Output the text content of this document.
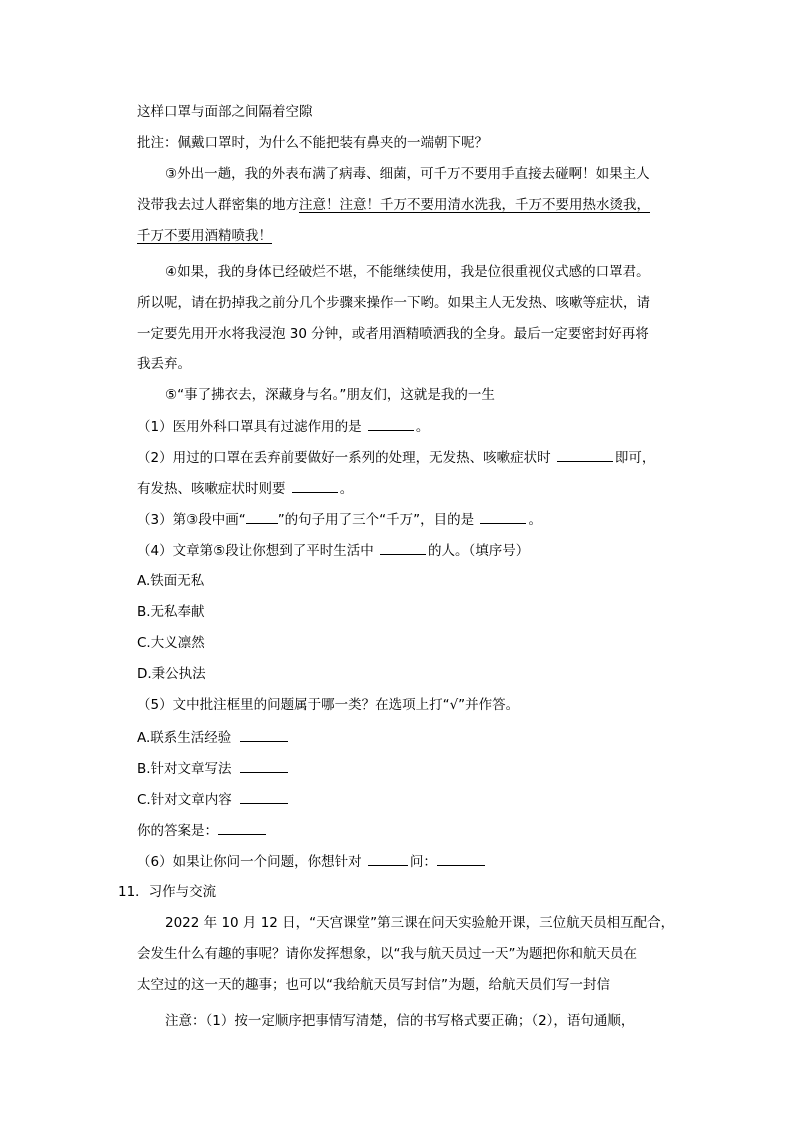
这样口罩与面部之间隔着空隙
批注：佩戴口罩时，为什么不能把装有鼻夹的一端朝下呢？
③外出一趟，我的外表布满了病毒、细菌，可千万不要用手直接去碰啊！如果主人
没带我去过人群密集的地方注意！注意！千万不要用清水洗我，千万不要用热水烫我，
千万不要用酒精喷我！
④如果，我的身体已经破烂不堪，不能继续使用，我是位很重视仪式感的口罩君。
所以呢，请在扔掉我之前分几个步骤来操作一下哟。如果主人无发热、咳嗽等症状，请
一定要先用开水将我浸泡 30 分钟，或者用酒精喷洒我的全身。最后一定要密封好再将
我丢弃。
⑤“事了拂衣去，深藏身与名。”朋友们，这就是我的一生
（1）医用外科口罩具有过滤作用的是	。
（2）用过的口罩在丢弃前要做好一系列的处理，无发热、咳嗽症状时	即可，
有发热、咳嗽症状时则要	。
（3）第③段中画“ ”的句子用了三个“千万”，目的是	。
（4）文章第⑤段让你想到了平时生活中	的人。（填序号）
A.铁面无私
B.无私奉献
C.大义凛然
D.秉公执法
（5）文中批注框里的问题属于哪一类？在选项上打“√”并作答。
A.联系生活经验
B.针对文章写法
C.针对文章内容
你的答案是：
（6）如果让你问一个问题，你想针对	问：
11．习作与交流
2022 年 10 月 12 日，“天宫课堂”第三课在问天实验舱开课，三位航天员相互配合，
会发生什么有趣的事呢？请你发挥想象，以“我与航天员过一天”为题把你和航天员在
太空过的这一天的趣事；也可以“我给航天员写封信”为题，给航天员们写一封信
注意：（1）按一定顺序把事情写清楚，信的书写格式要正确；（2），语句通顺，
